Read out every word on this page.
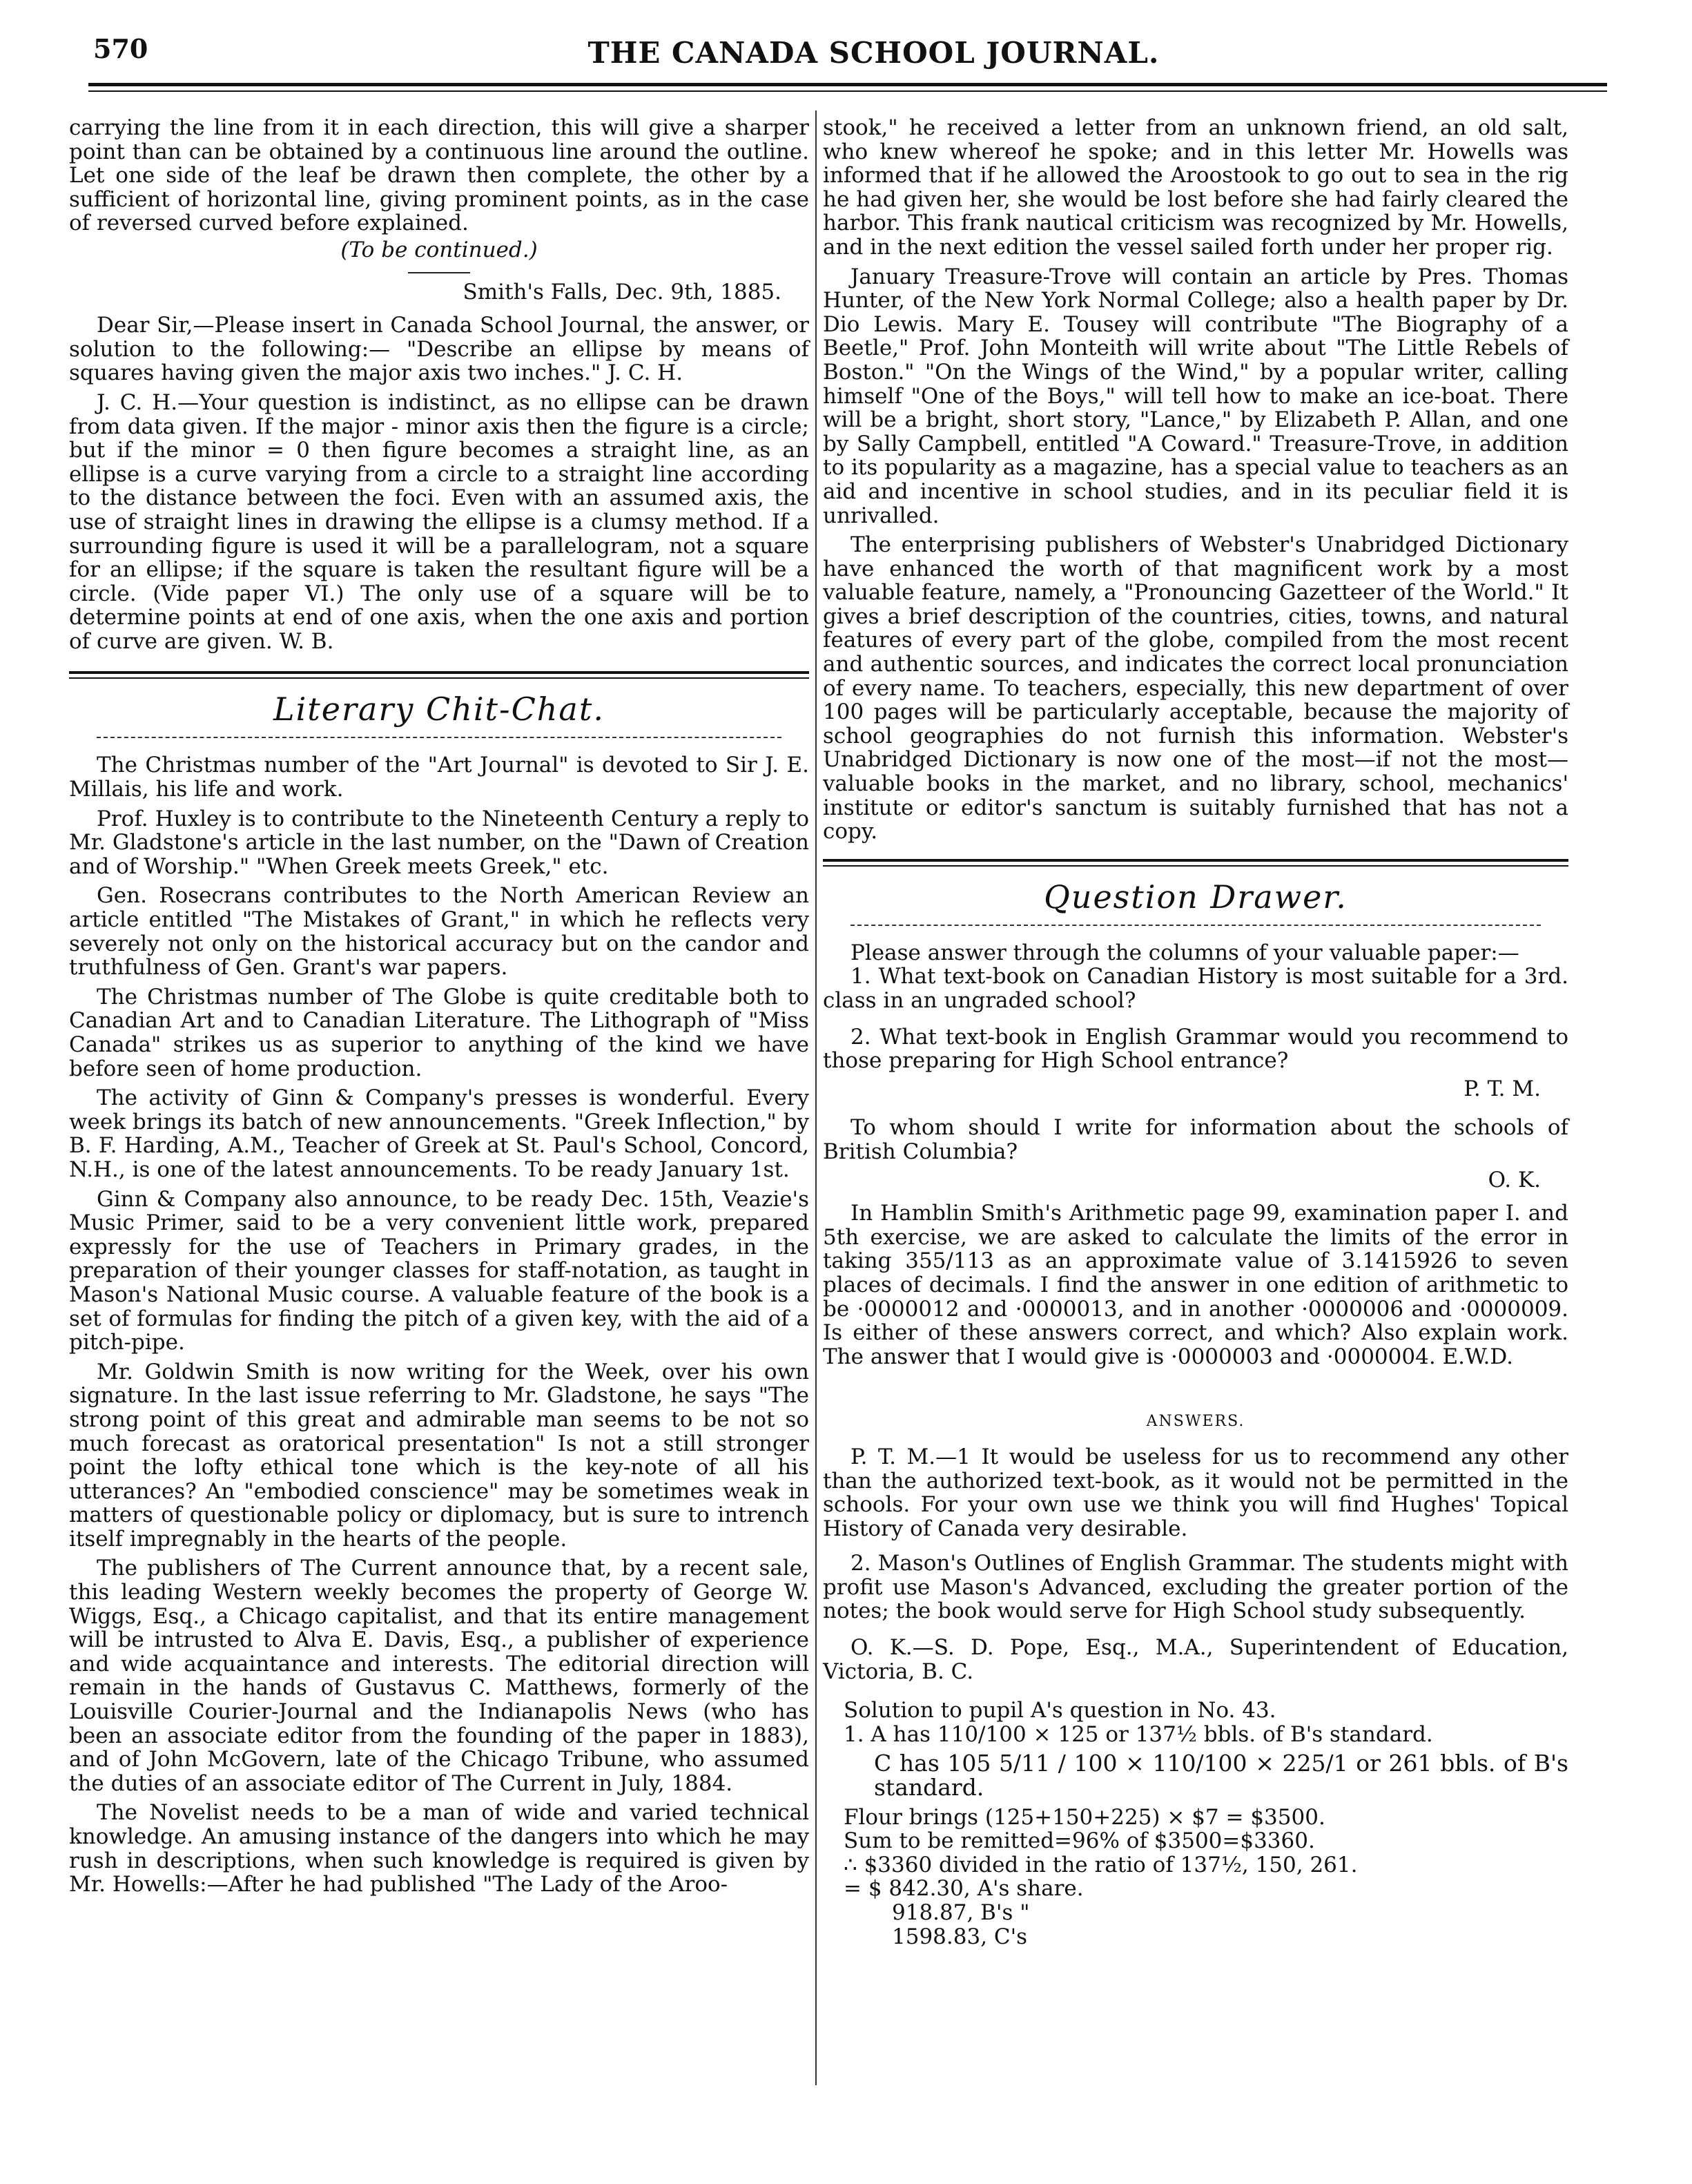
570	THE CANADA SCHOOL JOURNAL.

carrying the line from it in each direction, this will give a sharper point than can be obtained by a continuous line around the outline. Let one side of the leaf be drawn then complete, the other by a sufficient of horizontal line, giving prominent points, as in the case of reversed curved before explained.

(To be continued.)
Smith's Falls, Dec. 9th, 1885.

Dear Sir,—Please insert in Canada School Journal, the answer, or solution to the following:— "Describe an ellipse by means of squares having given the major axis two inches." J. C. H.

J. C. H.—Your question is indistinct, as no ellipse can be drawn from data given. If the major - minor axis then the figure is a circle; but if the minor = 0 then figure becomes a straight line, as an ellipse is a curve varying from a circle to a straight line according to the distance between the foci. Even with an assumed axis, the use of straight lines in drawing the ellipse is a clumsy method. If a surrounding figure is used it will be a parallelogram, not a square for an ellipse; if the square is taken the resultant figure will be a circle. (Vide paper VI.) The only use of a square will be to determine points at end of one axis, when the one axis and portion of curve are given. W. B.

Literary Chit-Chat.

The Christmas number of the "Art Journal" is devoted to Sir J. E. Millais, his life and work.

Prof. Huxley is to contribute to the Nineteenth Century a reply to Mr. Gladstone's article in the last number, on the "Dawn of Creation and of Worship." "When Greek meets Greek," etc.

Gen. Rosecrans contributes to the North American Review an article entitled "The Mistakes of Grant," in which he reflects very severely not only on the historical accuracy but on the candor and truthfulness of Gen. Grant's war papers.

The Christmas number of The Globe is quite creditable both to Canadian Art and to Canadian Literature. The Lithograph of "Miss Canada" strikes us as superior to anything of the kind we have before seen of home production.

The activity of Ginn & Company's presses is wonderful. Every week brings its batch of new announcements. "Greek Inflection," by B. F. Harding, A.M., Teacher of Greek at St. Paul's School, Concord, N.H., is one of the latest announcements. To be ready January 1st.

Ginn & Company also announce, to be ready Dec. 15th, Veazie's Music Primer, said to be a very convenient little work, prepared expressly for the use of Teachers in Primary grades, in the preparation of their younger classes for staff-notation, as taught in Mason's National Music course. A valuable feature of the book is a set of formulas for finding the pitch of a given key, with the aid of a pitch-pipe.

Mr. Goldwin Smith is now writing for the Week, over his own signature. In the last issue referring to Mr. Gladstone, he says "The strong point of this great and admirable man seems to be not so much forecast as oratorical presentation" Is not a still stronger point the lofty ethical tone which is the key-note of all his utterances? An "embodied conscience" may be sometimes weak in matters of questionable policy or diplomacy, but is sure to intrench itself impregnably in the hearts of the people.

The publishers of The Current announce that, by a recent sale, this leading Western weekly becomes the property of George W. Wiggs, Esq., a Chicago capitalist, and that its entire management will be intrusted to Alva E. Davis, Esq., a publisher of experience and wide acquaintance and interests. The editorial direction will remain in the hands of Gustavus C. Matthews, formerly of the Louisville Courier-Journal and the Indianapolis News (who has been an associate editor from the founding of the paper in 1883), and of John McGovern, late of the Chicago Tribune, who assumed the duties of an associate editor of The Current in July, 1884.

The Novelist needs to be a man of wide and varied technical knowledge. An amusing instance of the dangers into which he may rush in descriptions, when such knowledge is required is given by Mr. Howells:—After he had published "The Lady of the Aroo-

stook," he received a letter from an unknown friend, an old salt, who knew whereof he spoke; and in this letter Mr. Howells was informed that if he allowed the Aroostook to go out to sea in the rig he had given her, she would be lost before she had fairly cleared the harbor. This frank nautical criticism was recognized by Mr. Howells, and in the next edition the vessel sailed forth under her proper rig.

January Treasure-Trove will contain an article by Pres. Thomas Hunter, of the New York Normal College; also a health paper by Dr. Dio Lewis. Mary E. Tousey will contribute "The Biography of a Beetle," Prof. John Monteith will write about "The Little Rebels of Boston." "On the Wings of the Wind," by a popular writer, calling himself "One of the Boys," will tell how to make an ice-boat. There will be a bright, short story, "Lance," by Elizabeth P. Allan, and one by Sally Campbell, entitled "A Coward." Treasure-Trove, in addition to its popularity as a magazine, has a special value to teachers as an aid and incentive in school studies, and in its peculiar field it is unrivalled.

The enterprising publishers of Webster's Unabridged Dictionary have enhanced the worth of that magnificent work by a most valuable feature, namely, a "Pronouncing Gazetteer of the World." It gives a brief description of the countries, cities, towns, and natural features of every part of the globe, compiled from the most recent and authentic sources, and indicates the correct local pronunciation of every name. To teachers, especially, this new department of over 100 pages will be particularly acceptable, because the majority of school geographies do not furnish this information. Webster's Unabridged Dictionary is now one of the most—if not the most—valuable books in the market, and no library, school, mechanics' institute or editor's sanctum is suitably furnished that has not a copy.

Question Drawer.

Please answer through the columns of your valuable paper:—

1. What text-book on Canadian History is most suitable for a 3rd. class in an ungraded school?

2. What text-book in English Grammar would you recommend to those preparing for High School entrance?

P. T. M.

To whom should I write for information about the schools of British Columbia?

O. K.

In Hamblin Smith's Arithmetic page 99, examination paper I. and 5th exercise, we are asked to calculate the limits of the error in taking 355/113 as an approximate value of 3.1415926 to seven places of decimals. I find the answer in one edition of arithmetic to be ·0000012 and ·0000013, and in another ·0000006 and ·0000009. Is either of these answers correct, and which? Also explain work. The answer that I would give is ·0000003 and ·0000004. E.W.D.

ANSWERS.

P. T. M.—1 It would be useless for us to recommend any other than the authorized text-book, as it would not be permitted in the schools. For your own use we think you will find Hughes' Topical History of Canada very desirable.

2. Mason's Outlines of English Grammar. The students might with profit use Mason's Advanced, excluding the greater portion of the notes; the book would serve for High School study subsequently.

O. K.—S. D. Pope, Esq., M.A., Superintendent of Education, Victoria, B. C.

Solution to pupil A's question in No. 43.
1. A has 110/100 × 125 or 137½ bbls. of B's standard.
C has 105 5/11 / 100 × 110/100 × 225/1 or 261 bbls. of B's standard.
Flour brings (125+150+225) × $7 = $3500.
Sum to be remitted=96% of $3500=$3360.
∴ $3360 divided in the ratio of 137½, 150, 261.
= $ 842.30, A's share.
918.87, B's "
1598.83, C's
